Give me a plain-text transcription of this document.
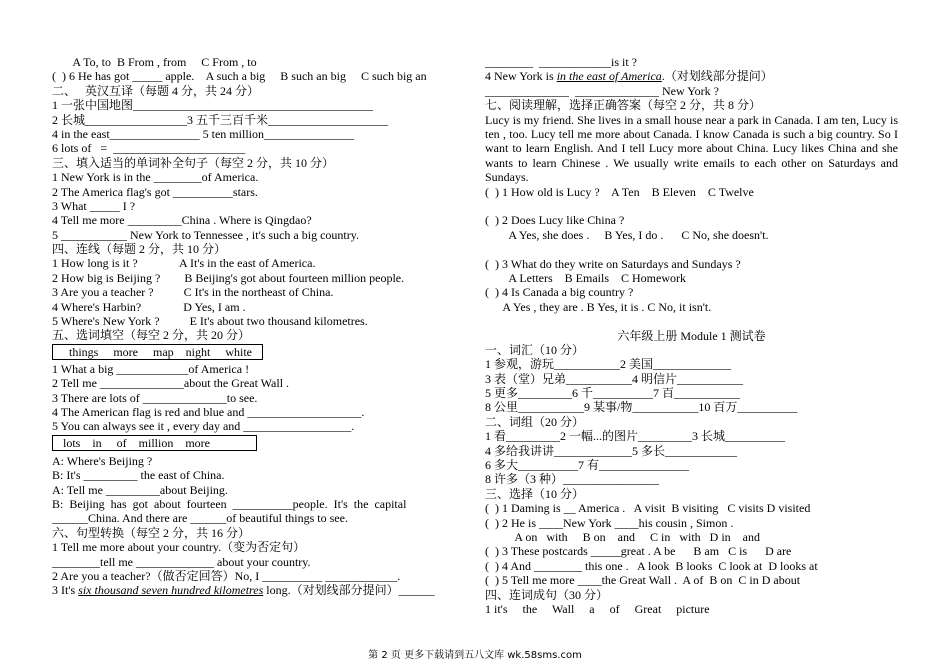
A To, to  B From , from     C From , to
(  ) 6 He has got _____ apple.    A such a big     B such an big     C such big an
二、   英汉互译（每题 4 分，共 24 分）
1 一张中国地图________________________________________
2 长城_________________3 五千三百千米____________________
4 in the east_______________ 5 ten million_______________
6 lots of   =  ______________________
三、填入适当的单词补全句子（每空 2 分，共 10 分）
1 New York is in the ________of America.
2 The America flag's got __________stars.
3 What _____ I ?
4 Tell me more _________China . Where is Qingdao?
5 ___________ New York to Tennessee , it's such a big country.
四、连线（每题 2 分，共 10 分）
1 How long is it ?              A It's in the east of America.
2 How big is Beijing ?        B Beijing's got about fourteen million people.
3 Are you a teacher ?          C It's in the northeast of China.
4 Where's Harbin?              D Yes, I am .
5 Where's New York ?          E It's about two thousand kilometres.
五、选词填空（每空 2 分，共 20 分）
things     more     map    night     white
1 What a big ____________of America !
2 Tell me ______________about the Great Wall .
3 There are lots of ______________to see.
4 The American flag is red and blue and ___________________.
5 You can always see it , every day and __________________.
lots    in     of    million    more
A: Where's Beijing ?
B: It's _________ the east of China.
A: Tell me _________about Beijing.
B:  Beijing  has  got  about  fourteen  __________people.  It's  the  capital
______China. And there are ______of beautiful things to see.
六、句型转换（每空 2 分，共 16 分）
1 Tell me more about your country.（变为否定句）
________tell me _____________ about your country.
2 Are you a teacher?（做否定回答）No, I __________ ____________.
3 It's six thousand seven hundred kilometres long.（对划线部分提问）______
________  ____________is it ?
4 New York is in the east of America.（对划线部分提问）
______________  ______________ New York ?
七、阅读理解，选择正确答案（每空 2 分，共 8 分）
Lucy is my friend. She lives in a small house near a park in Canada. I am ten, Lucy is ten , too. Lucy tell me more about Canada. I know Canada is such a big country. So I want to learn English. And I tell Lucy more about China. Lucy likes China and she wants to learn Chinese . We usually write emails to each other on Saturdays and Sundays.
(  ) 1 How old is Lucy ?    A Ten    B Eleven    C Twelve
(  ) 2 Does Lucy like China ?
A Yes, she does .     B Yes, I do .      C No, she doesn't.
(  ) 3 What do they write on Saturdays and Sundays ?
A Letters    B Emails    C Homework
(  ) 4 Is Canada a big country ?
A Yes , they are . B Yes, it is . C No, it isn't.
六年级上册 Module 1 测试卷
一、词汇（10 分）
1 参观，游玩___________2 美国_____________
3 表（堂）兄弟___________4 明信片___________
5 更多_________6 千__________7 百___________
8 公里___________9 某事/物___________10 百万__________
二、词组（20 分）
1 看_________2 一幅...的图片_________3 长城__________
4 多给我讲讲_____________5 多长____________
6 多大__________7 有_______________
8 许多（3 种）________________
三、选择（10 分）
(  ) 1 Daming is __ America .   A visit  B visiting   C visits D visited
(  ) 2 He is ____New York ____his cousin , Simon .
A on   with     B on    and     C in   with   D in    and
(  ) 3 These postcards _____great . A be      B am   C is      D are
(  ) 4 And ________ this one .   A look  B looks  C look at  D looks at
(  ) 5 Tell me more ____the Great Wall .  A of  B on  C in D about
四、连词成句（30 分）
1 it's     the     Wall     a     of     Great     picture
第 2 页 更多下载请到五八文库 wk.58sms.com
